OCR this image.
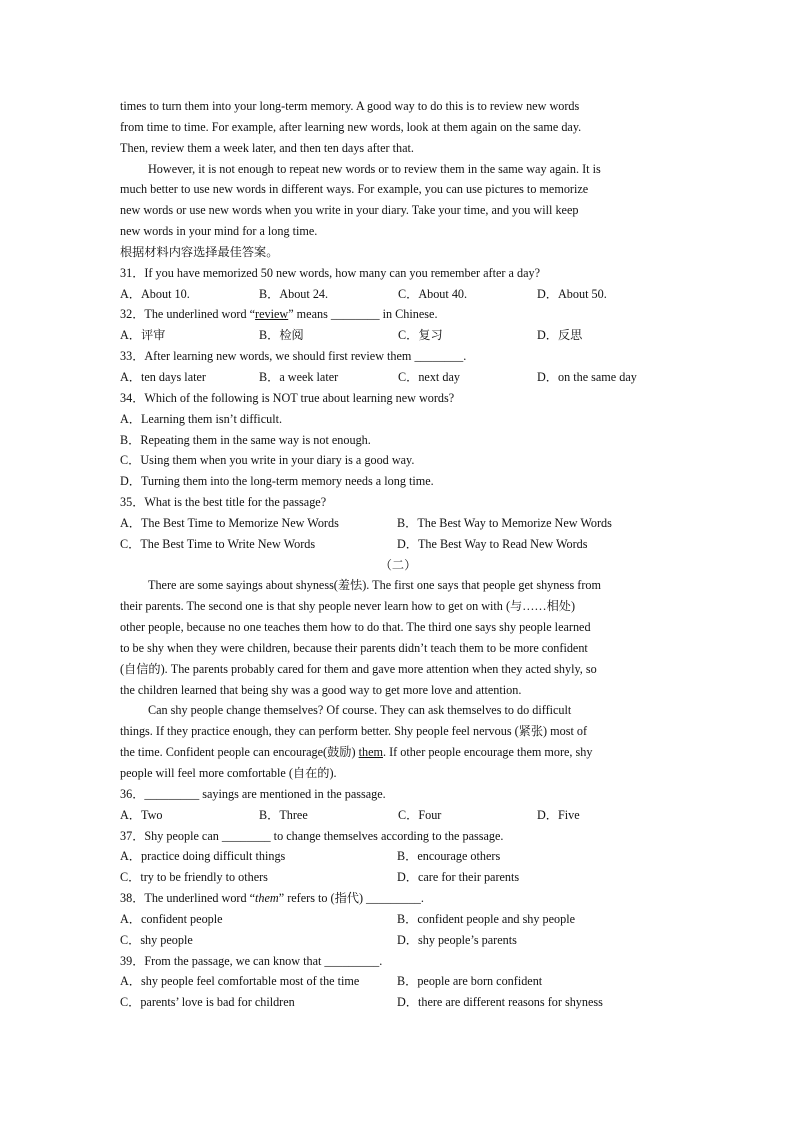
times to turn them into your long-term memory. A good way to do this is to review new words
from time to time. For example, after learning new words, look at them again on the same day.
Then, review them a week later, and then ten days after that.
However, it is not enough to repeat new words or to review them in the same way again. It is
much better to use new words in different ways. For example, you can use pictures to memorize
new words or use new words when you write in your diary. Take your time, and you will keep
new words in your mind for a long time.
根据材料内容选择最佳答案。
31．If you have memorized 50 new words, how many can you remember after a day?
A．About 10.	B．About 24.	C．About 40.	D．About 50.
32．The underlined word “review” means ________ in Chinese.
A．评审	B．检阅	C．复习	D．反思
33．After learning new words, we should first review them ________.
A．ten days later	B．a week later	C．next day	D．on the same day
34．Which of the following is NOT true about learning new words?
A．Learning them isn’t difficult.
B．Repeating them in the same way is not enough.
C．Using them when you write in your diary is a good way.
D．Turning them into the long-term memory needs a long time.
35．What is the best title for the passage?
A．The Best Time to Memorize New Words	B．The Best Way to Memorize New Words
C．The Best Time to Write New Words	D．The Best Way to Read New Words
（二）
There are some sayings about shyness(羞怯). The first one says that people get shyness from
their parents. The second one is that shy people never learn how to get on with (与……相处)
other people, because no one teaches them how to do that. The third one says shy people learned
to be shy when they were children, because their parents didn’t teach them to be more confident
(自信的). The parents probably cared for them and gave more attention when they acted shyly, so
the children learned that being shy was a good way to get more love and attention.
Can shy people change themselves? Of course. They can ask themselves to do difficult
things. If they practice enough, they can perform better. Shy people feel nervous (紧张) most of
the time. Confident people can encourage(鼓励) them. If other people encourage them more, shy
people will feel more comfortable (自在的).
36．_________ sayings are mentioned in the passage.
A．Two	B．Three	C．Four	D．Five
37．Shy people can ________ to change themselves according to the passage.
A．practice doing difficult things	B．encourage others
C．try to be friendly to others	D．care for their parents
38．The underlined word “them” refers to (指代) _________.
A．confident people	B．confident people and shy people
C．shy people	D．shy people’s parents
39．From the passage, we can know that _________.
A．shy people feel comfortable most of the time	B．people are born confident
C．parents’ love is bad for children	D．there are different reasons for shyness
